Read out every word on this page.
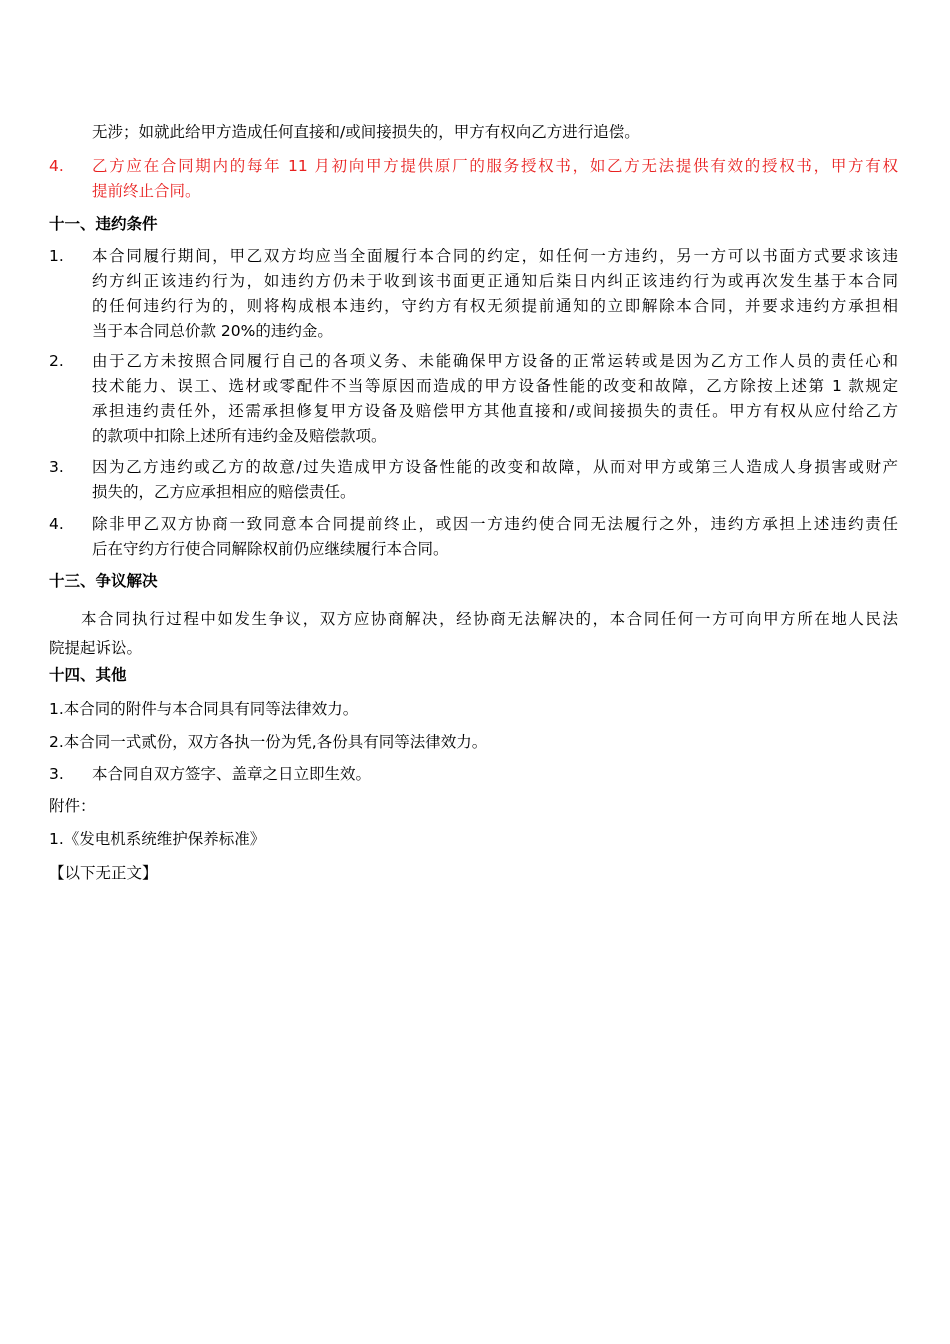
无涉；如就此给甲方造成任何直接和/或间接损失的，甲方有权向乙方进行追偿。
4. 乙方应在合同期内的每年 11 月初向甲方提供原厂的服务授权书，如乙方无法提供有效的授权书，甲方有权
提前终止合同。
十一、违约条件
1. 本合同履行期间，甲乙双方均应当全面履行本合同的约定，如任何一方违约，另一方可以书面方式要求该违
约方纠正该违约行为，如违约方仍未于收到该书面更正通知后柒日内纠正该违约行为或再次发生基于本合同
的任何违约行为的，则将构成根本违约，守约方有权无须提前通知的立即解除本合同，并要求违约方承担相
当于本合同总价款 20%的违约金。
2. 由于乙方未按照合同履行自己的各项义务、未能确保甲方设备的正常运转或是因为乙方工作人员的责任心和
技术能力、误工、选材或零配件不当等原因而造成的甲方设备性能的改变和故障，乙方除按上述第 1 款规定
承担违约责任外，还需承担修复甲方设备及赔偿甲方其他直接和/或间接损失的责任。甲方有权从应付给乙方
的款项中扣除上述所有违约金及赔偿款项。
3. 因为乙方违约或乙方的故意/过失造成甲方设备性能的改变和故障，从而对甲方或第三人造成人身损害或财产
损失的，乙方应承担相应的赔偿责任。
4. 除非甲乙双方协商一致同意本合同提前终止，或因一方违约使合同无法履行之外，违约方承担上述违约责任
后在守约方行使合同解除权前仍应继续履行本合同。
十三、争议解决
本合同执行过程中如发生争议，双方应协商解决，经协商无法解决的，本合同任何一方可向甲方所在地人民法
院提起诉讼。
十四、其他
1.本合同的附件与本合同具有同等法律效力。
2.本合同一式贰份，双方各执一份为凭,各份具有同等法律效力。
3. 本合同自双方签字、盖章之日立即生效。
附件：
1.《发电机系统维护保养标准》
【以下无正文】
